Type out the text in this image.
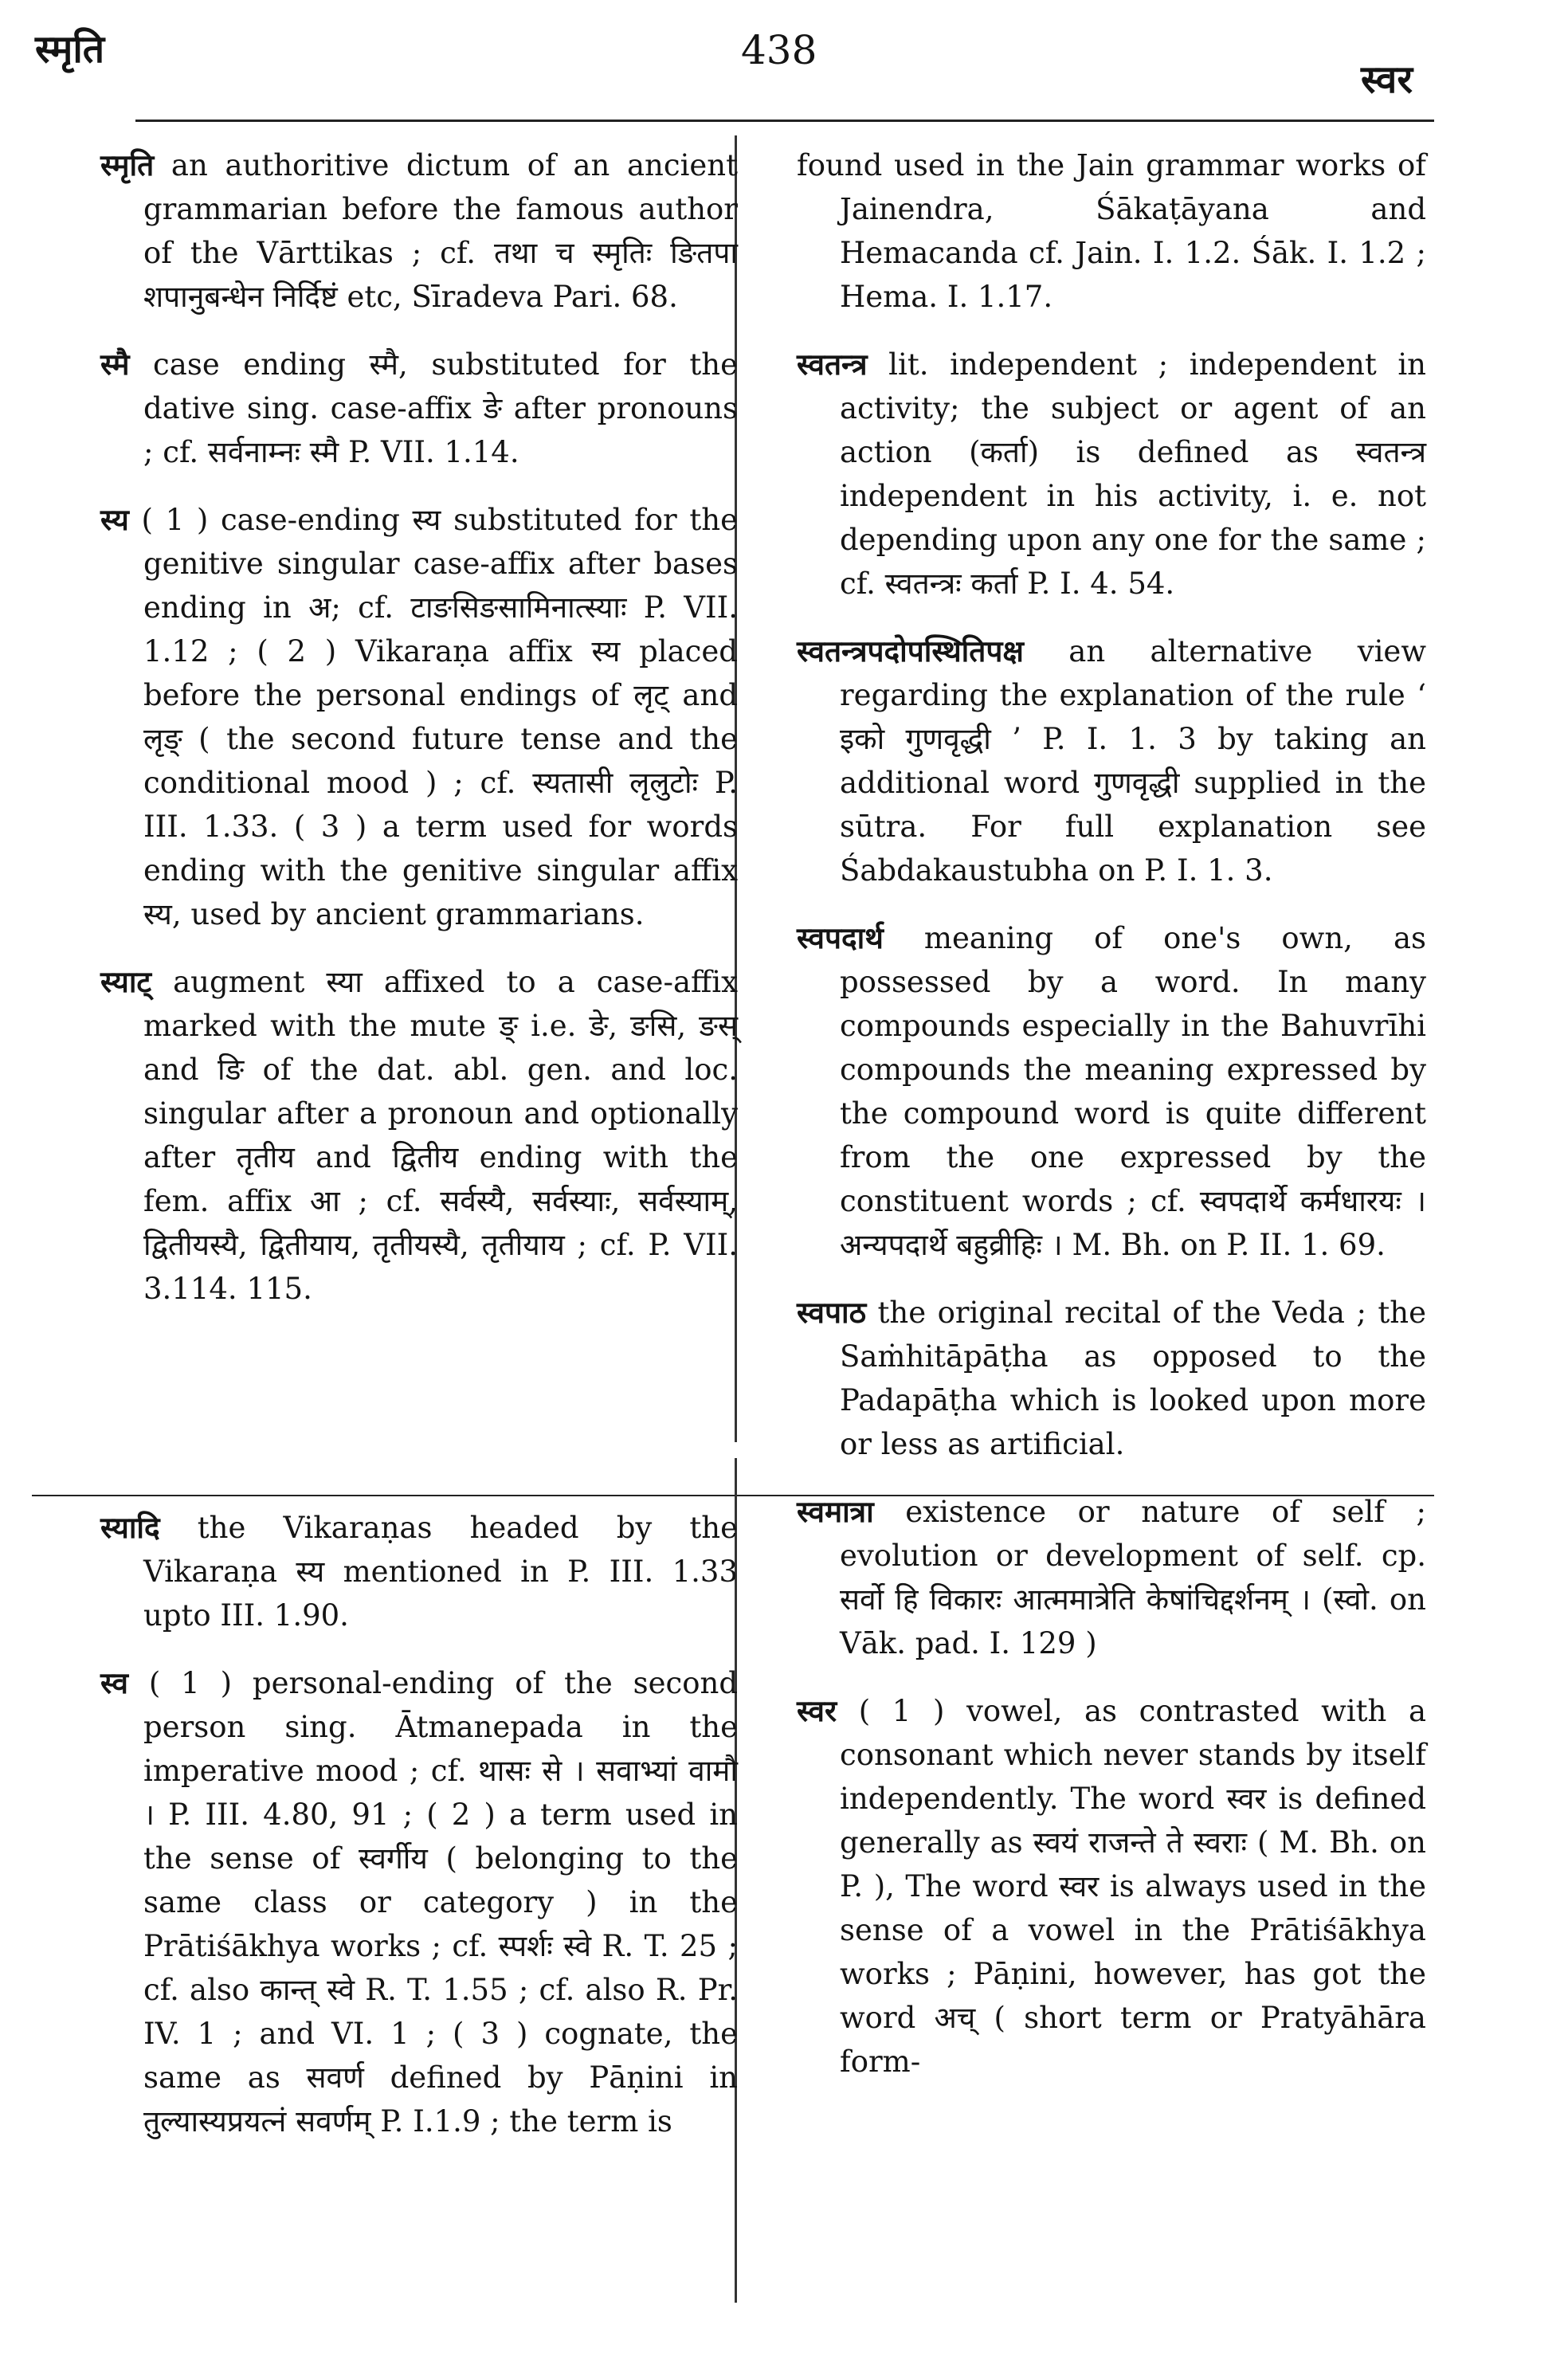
स्मृति	438
स्वर

स्मृति an authoritive dictum of an ancient grammarian before the famous author of the Vārttikas ; cf. तथा च स्मृतिः ङितपा शपानुबन्धेन निर्दिष्टं etc, Sīradeva Pari. 68.

स्मै case ending स्मै, substituted for the dative sing. case-affix ङे after pronouns ; cf. सर्वनाम्नः स्मै P. VII. 1.14.

स्य ( 1 ) case-ending स्य substituted for the genitive singular case-affix after bases ending in अ; cf. टाङसिङसामिनात्स्याः P. VII. 1.12 ; ( 2 ) Vikaraṇa affix स्य placed before the personal endings of लृट् and लृङ् ( the second future tense and the conditional mood ) ; cf. स्यतासी लृलुटोः P. III. 1.33. ( 3 ) a term used for words ending with the genitive singular affix स्य, used by ancient grammarians.

स्याट् augment स्या affixed to a case-affix marked with the mute ङ् i.e. ङे, ङसि, ङस् and ङि of the dat. abl. gen. and loc. singular after a pronoun and optionally after तृतीय and द्वितीय ending with the fem. affix आ ; cf. सर्वस्यै, सर्वस्याः, सर्वस्याम्, द्वितीयस्यै, द्वितीयाय, तृतीयस्यै, तृतीयाय ; cf. P. VII. 3.114. 115.

स्यादि the Vikaraṇas headed by the Vikaraṇa स्य mentioned in P. III. 1.33 upto III. 1.90.

स्व ( 1 ) personal-ending of the second person sing. Ātmanepada in the imperative mood ; cf. थासः से । सवाभ्यां वामौ । P. III. 4.80, 91 ; ( 2 ) a term used in the sense of स्वर्गीय ( belonging to the same class or category ) in the Prātiśākhya works ; cf. स्पर्शः स्वे R. T. 25 ; cf. also कान्त् स्वे R. T. 1.55 ; cf. also R. Pr. IV. 1 ; and VI. 1 ; ( 3 ) cognate, the same as सवर्ण defined by Pāṇini in तुल्यास्यप्रयत्नं सवर्णम् P. I.1.9 ; the term is

found used in the Jain grammar works of Jainendra, Śākaṭāyana and Hemacanda cf. Jain. I. 1.2. Śāk. I. 1.2 ; Hema. I. 1.17.

स्वतन्त्र lit. independent ; independent in activity; the subject or agent of an action (कर्ता) is defined as स्वतन्त्र independent in his activity, i. e. not depending upon any one for the same ; cf. स्वतन्त्रः कर्ता P. I. 4. 54.

स्वतन्त्रपदोपस्थितिपक्ष an alternative view regarding the explanation of the rule ‘ इको गुणवृद्धी ’ P. I. 1. 3 by taking an additional word गुणवृद्धी supplied in the sūtra. For full explanation see Śabdakaustubha on P. I. 1. 3.

स्वपदार्थ meaning of one's own, as possessed by a word. In many compounds especially in the Bahuvrīhi compounds the meaning expressed by the compound word is quite different from the one expressed by the constituent words ; cf. स्वपदार्थे कर्मधारयः । अन्यपदार्थे बहुव्रीहिः । M. Bh. on P. II. 1. 69.

स्वपाठ the original recital of the Veda ; the Saṁhitāpāṭha as opposed to the Padapāṭha which is looked upon more or less as artificial.

स्वमात्रा existence or nature of self ; evolution or development of self. cp. सर्वो हि विकारः आत्ममात्रेति केषांचिद्दर्शनम् । (स्वो. on Vāk. pad. I. 129 )

स्वर ( 1 ) vowel, as contrasted with a consonant which never stands by itself independently. The word स्वर is defined generally as स्वयं राजन्ते ते स्वराः ( M. Bh. on P. ), The word स्वर is always used in the sense of a vowel in the Prātiśākhya works ; Pāṇini, however, has got the word अच् ( short term or Pratyāhāra form-
